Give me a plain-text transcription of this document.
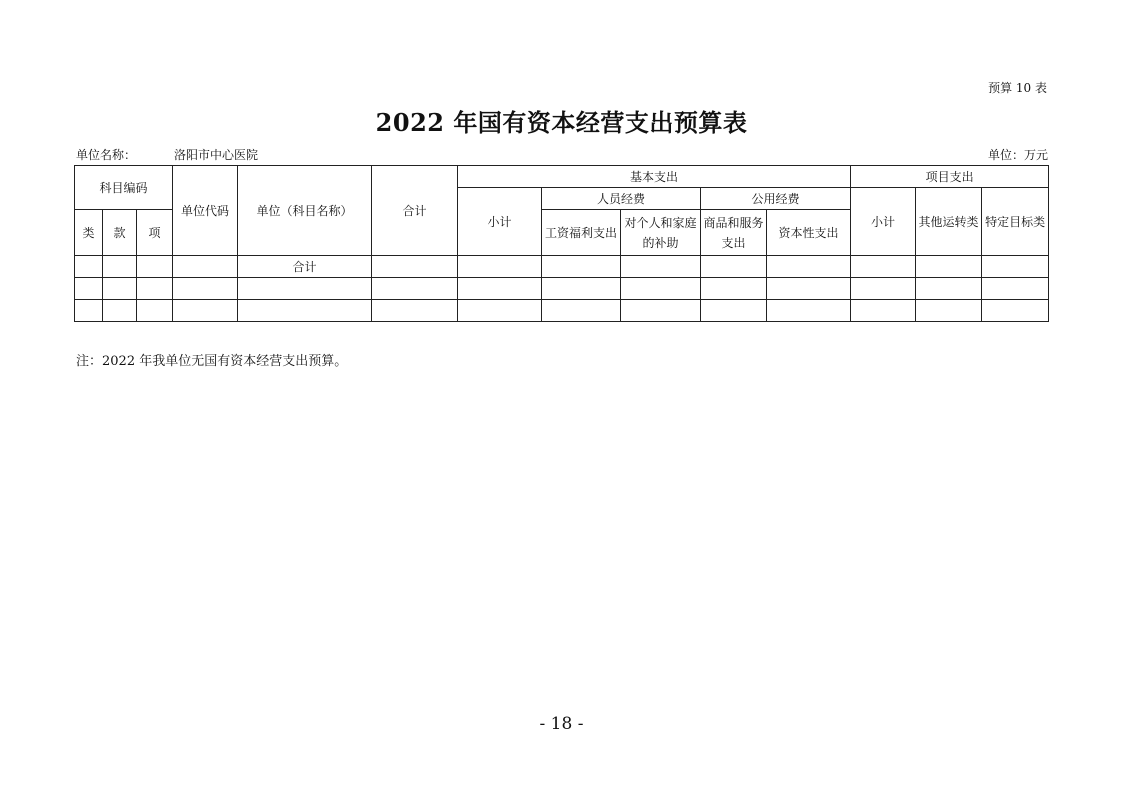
预算 10 表
2022 年国有资本经营支出预算表
单位名称：	洛阳市中心医院	单位：万元
科目编码			单位代码	单位（科目名称）	合计	基本支出					项目支出		
						小计	人员经费		公用经费		小计	其他运转类	特定目标类
类	款	项					工资福利支出	对个人和家庭的补助	商品和服务支出	资本性支出			
				合计									

注：2022 年我单位无国有资本经营支出预算。
- 18 -
